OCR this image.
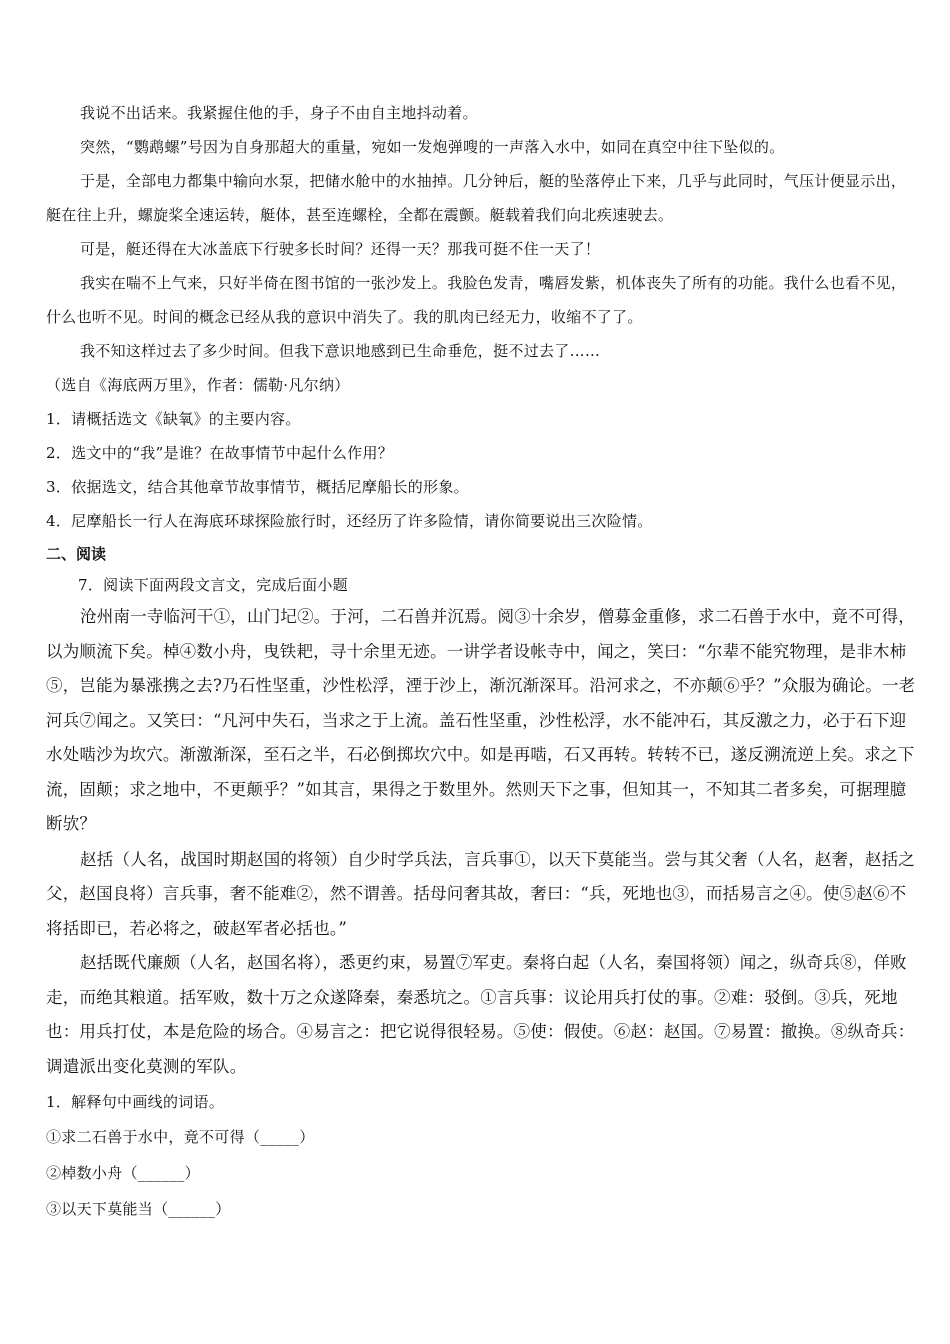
我说不出话来。我紧握住他的手，身子不由自主地抖动着。

突然，“鹦鹉螺”号因为自身那超大的重量，宛如一发炮弹嗖的一声落入水中，如同在真空中往下坠似的。

于是，全部电力都集中输向水泵，把储水舱中的水抽掉。几分钟后，艇的坠落停止下来，几乎与此同时，气压计便显示出，艇在往上升，螺旋桨全速运转，艇体，甚至连螺栓，全都在震颤。艇载着我们向北疾速驶去。

可是，艇还得在大冰盖底下行驶多长时间？还得一天？那我可挺不住一天了！

我实在喘不上气来，只好半倚在图书馆的一张沙发上。我脸色发青，嘴唇发紫，机体丧失了所有的功能。我什么也看不见，什么也听不见。时间的概念已经从我的意识中消失了。我的肌肉已经无力，收缩不了了。

我不知这样过去了多少时间。但我下意识地感到已生命垂危，挺不过去了……

（选自《海底两万里》，作者：儒勒·凡尔纳）

1．请概括选文《缺氧》的主要内容。

2．选文中的“我”是谁？在故事情节中起什么作用？

3．依据选文，结合其他章节故事情节，概括尼摩船长的形象。

4．尼摩船长一行人在海底环球探险旅行时，还经历了许多险情，请你简要说出三次险情。

二、阅读

7．阅读下面两段文言文，完成后面小题

沧州南一寺临河干①，山门圮②。于河，二石兽并沉焉。阅③十余岁，僧募金重修，求二石兽于水中，竟不可得，以为顺流下矣。棹④数小舟，曳铁耙，寻十余里无迹。一讲学者设帐寺中，闻之，笑曰：“尔辈不能究物理，是非木柿⑤，岂能为暴涨携之去?乃石性坚重，沙性松浮，湮于沙上，渐沉渐深耳。沿河求之，不亦颠⑥乎？”众服为确论。一老河兵⑦闻之。又笑曰：“凡河中失石，当求之于上流。盖石性坚重，沙性松浮，水不能冲石，其反激之力，必于石下迎水处啮沙为坎穴。渐激渐深，至石之半，石必倒掷坎穴中。如是再啮，石又再转。转转不已，遂反溯流逆上矣。求之下流，固颠；求之地中，不更颠乎？”如其言，果得之于数里外。然则天下之事，但知其一，不知其二者多矣，可据理臆断欤？

赵括（人名，战国时期赵国的将领）自少时学兵法，言兵事①，以天下莫能当。尝与其父奢（人名，赵奢，赵括之父，赵国良将）言兵事，奢不能难②，然不谓善。括母问奢其故，奢曰：“兵，死地也③，而括易言之④。使⑤赵⑥不将括即已，若必将之，破赵军者必括也。”

赵括既代廉颇（人名，赵国名将），悉更约束，易置⑦军吏。秦将白起（人名，秦国将领）闻之，纵奇兵⑧，佯败走，而绝其粮道。括军败，数十万之众遂降秦，秦悉坑之。①言兵事：议论用兵打仗的事。②难：驳倒。③兵，死地也：用兵打仗，本是危险的场合。④易言之：把它说得很轻易。⑤使：假使。⑥赵：赵国。⑦易置：撤换。⑧纵奇兵：调遣派出变化莫测的军队。

1．解释句中画线的词语。

①求二石兽于水中，竟不可得（_____）

②棹数小舟（______）

③以天下莫能当（______）
